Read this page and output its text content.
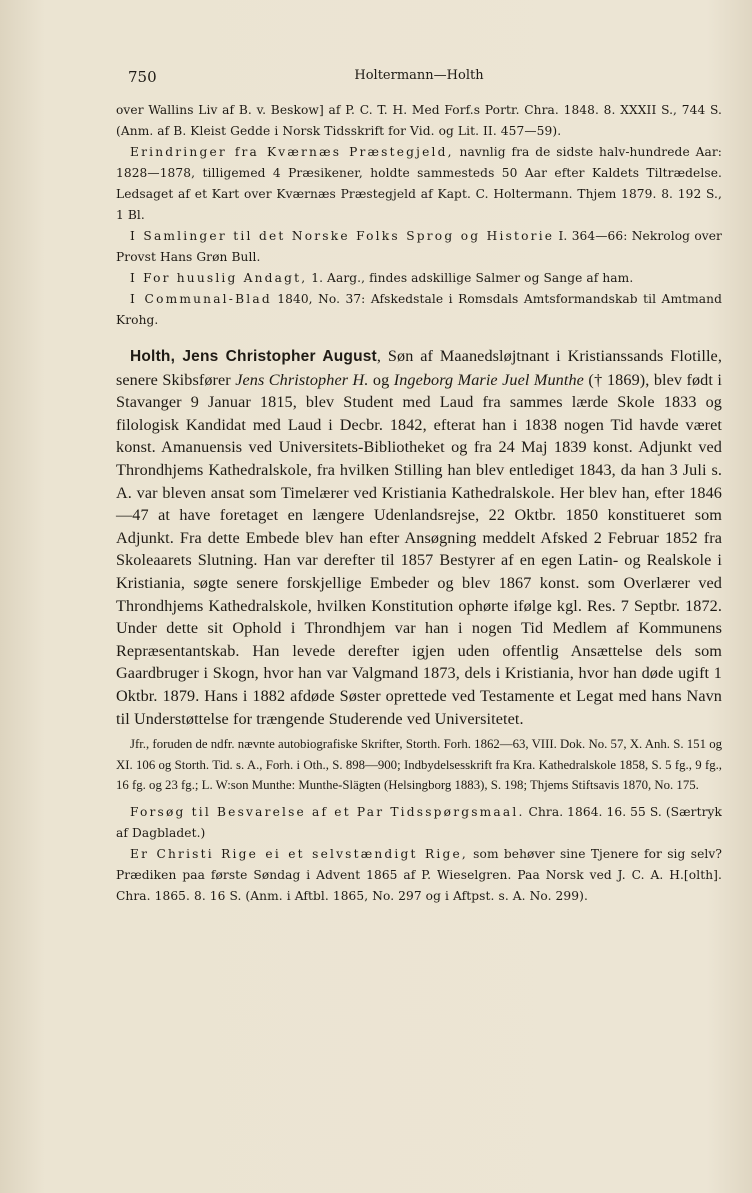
750	Holtermann—Holth

over Wallins Liv af B. v. Beskow] af P. C. T. H. Med Forf.s Portr. Chra. 1848. 8. XXXII S., 744 S. (Anm. af B. Kleist Gedde i Norsk Tidsskrift for Vid. og Lit. II. 457—59).

Erindringer fra Kværnæs Præstegjeld, navnlig fra de sidste halv-hundrede Aar: 1828—1878, tilligemed 4 Præsikener, holdte sammesteds 50 Aar efter Kaldets Tiltrædelse. Ledsaget af et Kart over Kværnæs Præstegjeld af Kapt. C. Holtermann. Thjem 1879. 8. 192 S., 1 Bl.

I Samlinger til det Norske Folks Sprog og Historie I. 364—66: Nekrolog over Provst Hans Grøn Bull.

I For huuslig Andagt, 1. Aarg., findes adskillige Salmer og Sange af ham.

I Communal-Blad 1840, No. 37: Afskedstale i Romsdals Amtsformandskab til Amtmand Krohg.

Holth, Jens Christopher August, Søn af Maanedsløjtnant i Kristianssands Flotille, senere Skibsfører Jens Christopher H. og Ingeborg Marie Juel Munthe († 1869), blev født i Stavanger 9 Januar 1815, blev Student med Laud fra sammes lærde Skole 1833 og filologisk Kandidat med Laud i Decbr. 1842, efterat han i 1838 nogen Tid havde været konst. Amanuensis ved Universitets-Bibliotheket og fra 24 Maj 1839 konst. Adjunkt ved Throndhjems Kathedralskole, fra hvilken Stilling han blev entlediget 1843, da han 3 Juli s. A. var bleven ansat som Timelærer ved Kristiania Kathedralskole. Her blev han, efter 1846—47 at have foretaget en længere Udenlandsrejse, 22 Oktbr. 1850 konstitueret som Adjunkt. Fra dette Embede blev han efter Ansøgning meddelt Afsked 2 Februar 1852 fra Skoleaarets Slutning. Han var derefter til 1857 Bestyrer af en egen Latin- og Realskole i Kristiania, søgte senere forskjellige Embeder og blev 1867 konst. som Overlærer ved Throndhjems Kathedralskole, hvilken Konstitution ophørte ifølge kgl. Res. 7 Septbr. 1872. Under dette sit Ophold i Throndhjem var han i nogen Tid Medlem af Kommunens Repræsentantskab. Han levede derefter igjen uden offentlig Ansættelse dels som Gaardbruger i Skogn, hvor han var Valgmand 1873, dels i Kristiania, hvor han døde ugift 1 Oktbr. 1879. Hans i 1882 afdøde Søster oprettede ved Testamente et Legat med hans Navn til Understøttelse for trængende Studerende ved Universitetet.

Jfr., foruden de ndfr. nævnte autobiografiske Skrifter, Storth. Forh. 1862—63, VIII. Dok. No. 57, X. Anh. S. 151 og XI. 106 og Storth. Tid. s. A., Forh. i Oth., S. 898—900; Indbydelsesskrift fra Kra. Kathedralskole 1858, S. 5 fg., 9 fg., 16 fg. og 23 fg.; L. W:son Munthe: Munthe-Slägten (Helsingborg 1883), S. 198; Thjems Stiftsavis 1870, No. 175.

Forsøg til Besvarelse af et Par Tidsspørgsmaal. Chra. 1864. 16. 55 S. (Særtryk af Dagbladet.)

Er Christi Rige ei et selvstændigt Rige, som behøver sine Tjenere for sig selv? Prædiken paa første Søndag i Advent 1865 af P. Wieselgren. Paa Norsk ved J. C. A. H.[olth]. Chra. 1865. 8. 16 S. (Anm. i Aftbl. 1865, No. 297 og i Aftpst. s. A. No. 299).
